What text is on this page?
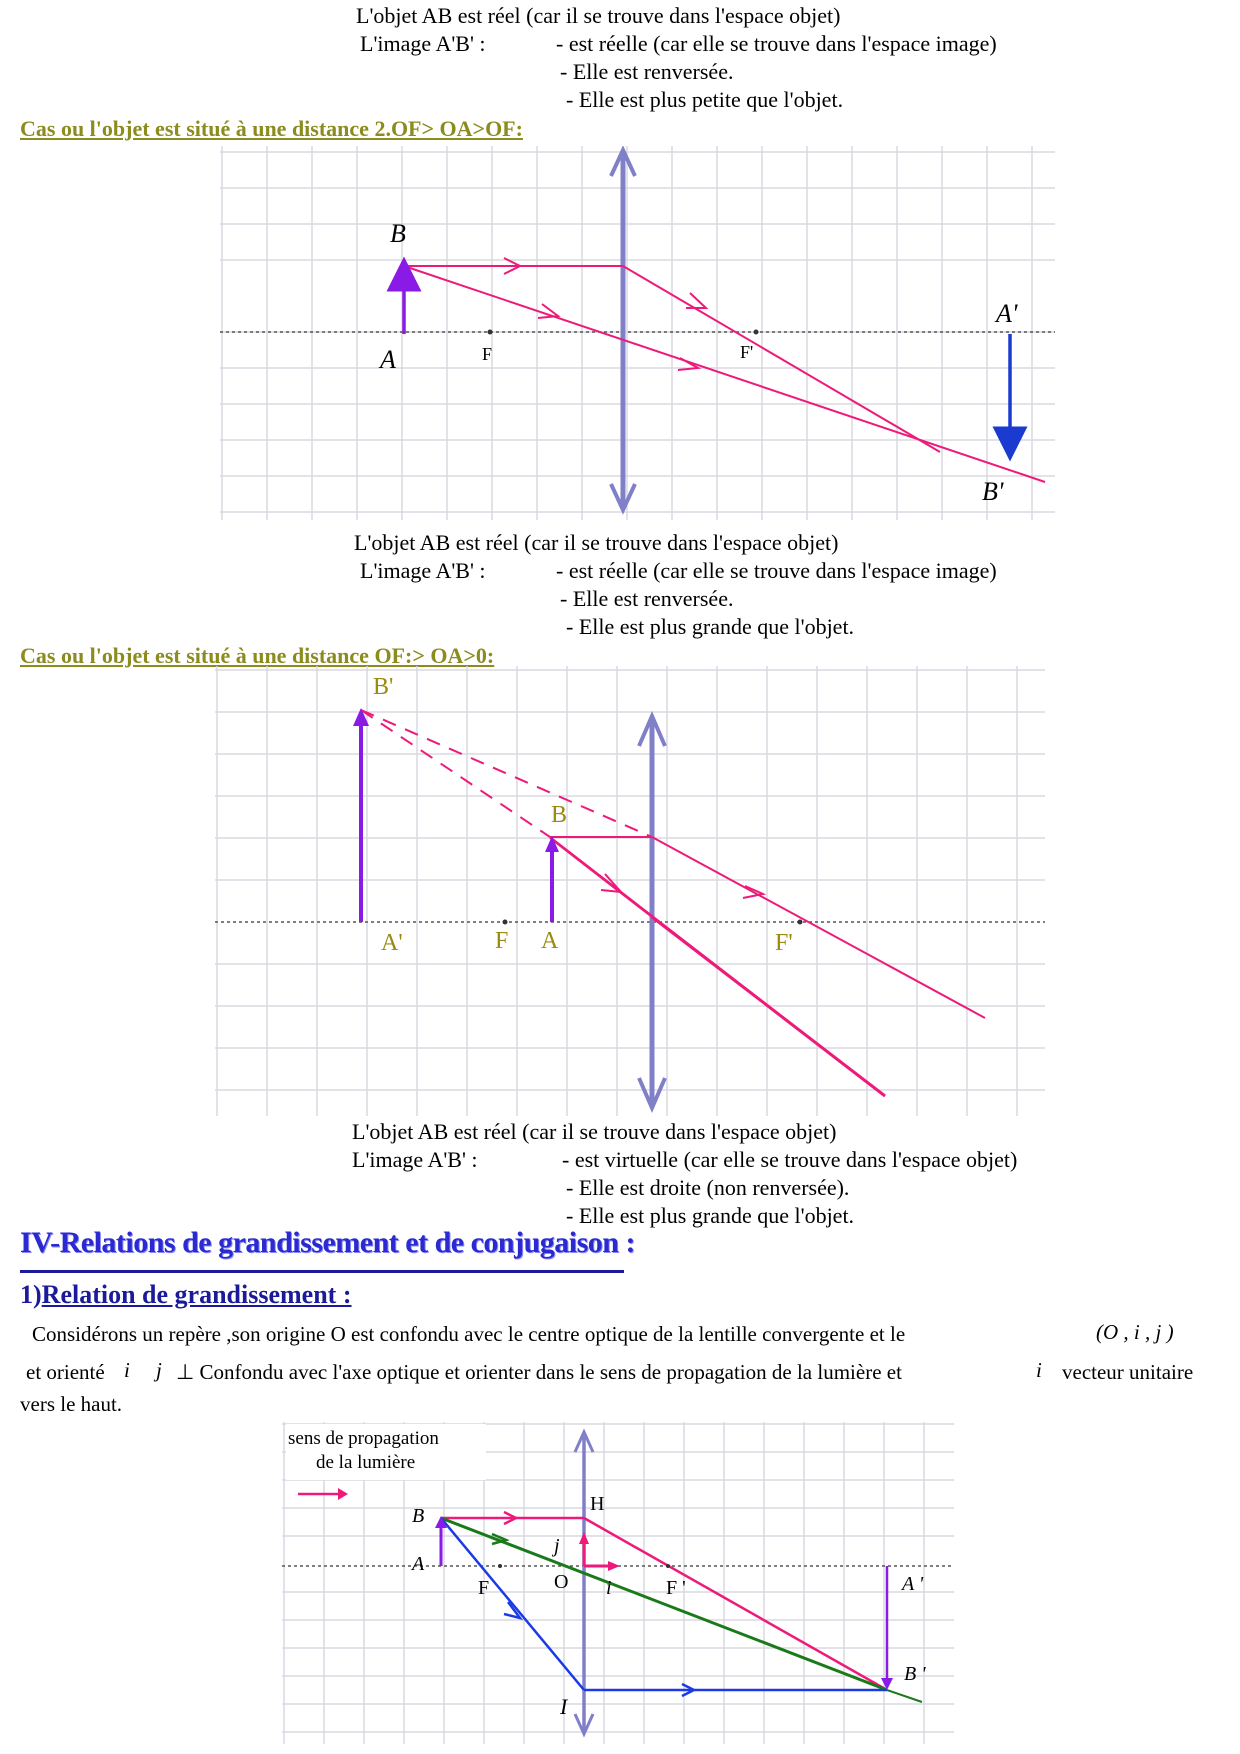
L'objet AB est réel (car il se trouve dans l'espace objet)
L'image A'B' :	- est réelle (car elle se trouve dans l'espace image)
- Elle est renversée.
- Elle est plus petite que l'objet.
Cas ou l'objet est situé à une distance 2.OF> OA>OF:
B
A	F	F'
A'
B'
L'objet AB est réel (car il se trouve dans l'espace objet)
L'image A'B' :	- est réelle (car elle se trouve dans l'espace image)
- Elle est renversée.
- Elle est plus grande que l'objet.
Cas ou l'objet est situé à une distance OF:> OA>0:
B'
B
A'	F A	F'
L'objet AB est réel (car il se trouve dans l'espace objet)
L'image A'B' :	- est virtuelle (car elle se trouve dans l'espace objet)
- Elle est droite (non renversée).
- Elle est plus grande que l'objet.
IV-Relations de grandissement et de conjugaison :
1)Relation de grandissement :
Considérons un repère ,son origine O est confondu avec le centre optique de la lentille convergente et le	(O , i , j )
et orienté i j ⊥ Confondu avec l'axe optique et orienter dans le sens de propagation de la lumière et	i vecteur unitaire
vers le haut.
sens de propagation
de la lumière
B
A
H
F	O
j
i	F '
I
A '
B '
